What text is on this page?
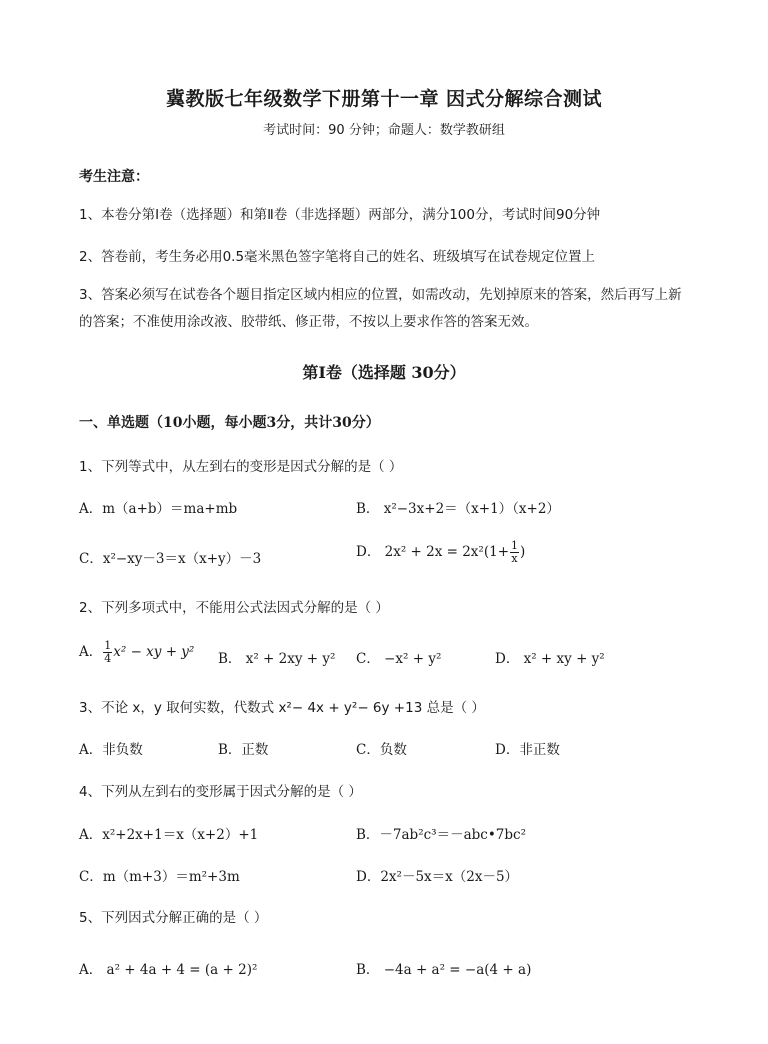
冀教版七年级数学下册第十一章 因式分解综合测试
考试时间：90 分钟；命题人：数学教研组
考生注意：
1、本卷分第Ⅰ卷（选择题）和第Ⅱ卷（非选择题）两部分，满分100分，考试时间90分钟
2、答卷前，考生务必用0.5毫米黑色签字笔将自己的姓名、班级填写在试卷规定位置上
3、答案必须写在试卷各个题目指定区域内相应的位置，如需改动，先划掉原来的答案，然后再写上新的答案；不准使用涂改液、胶带纸、修正带，不按以上要求作答的答案无效。
第Ⅰ卷（选择题 30分）
一、单选题（10小题，每小题3分，共计30分）
1、下列等式中，从左到右的变形是因式分解的是（ ）
A．m（a+b）＝ma+mb	B． x²−3x+2＝（x+1）（x+2）
C．x²−xy－3＝x（x+y）－3	D． $2x^2 + 2x = 2x^2(1+ \frac{1}{x}$ )
2、下列多项式中，不能用公式法因式分解的是（ ）
A． $\frac{1}{4} x^2$ − xy + y² B． x² + 2xy + y² C． −x² + y²	D． x² + xy + y²
3、不论 x，y 取何实数，代数式 x²− 4x + y²− 6y +13 总是（ ）
A．非负数	B．正数	C．负数	D．非正数
4、下列从左到右的变形属于因式分解的是（ ）
A．x²+2x+1＝x（x+2）+1	B．－7ab²c³＝－abc•7bc²
C．m（m+3）＝m²+3m	D．2x²－5x＝x（2x－5）
5、下列因式分解正确的是（ ）
A． a² + 4a + 4 = (a + 2)²	B． −4a + a² = −a(4 + a)
